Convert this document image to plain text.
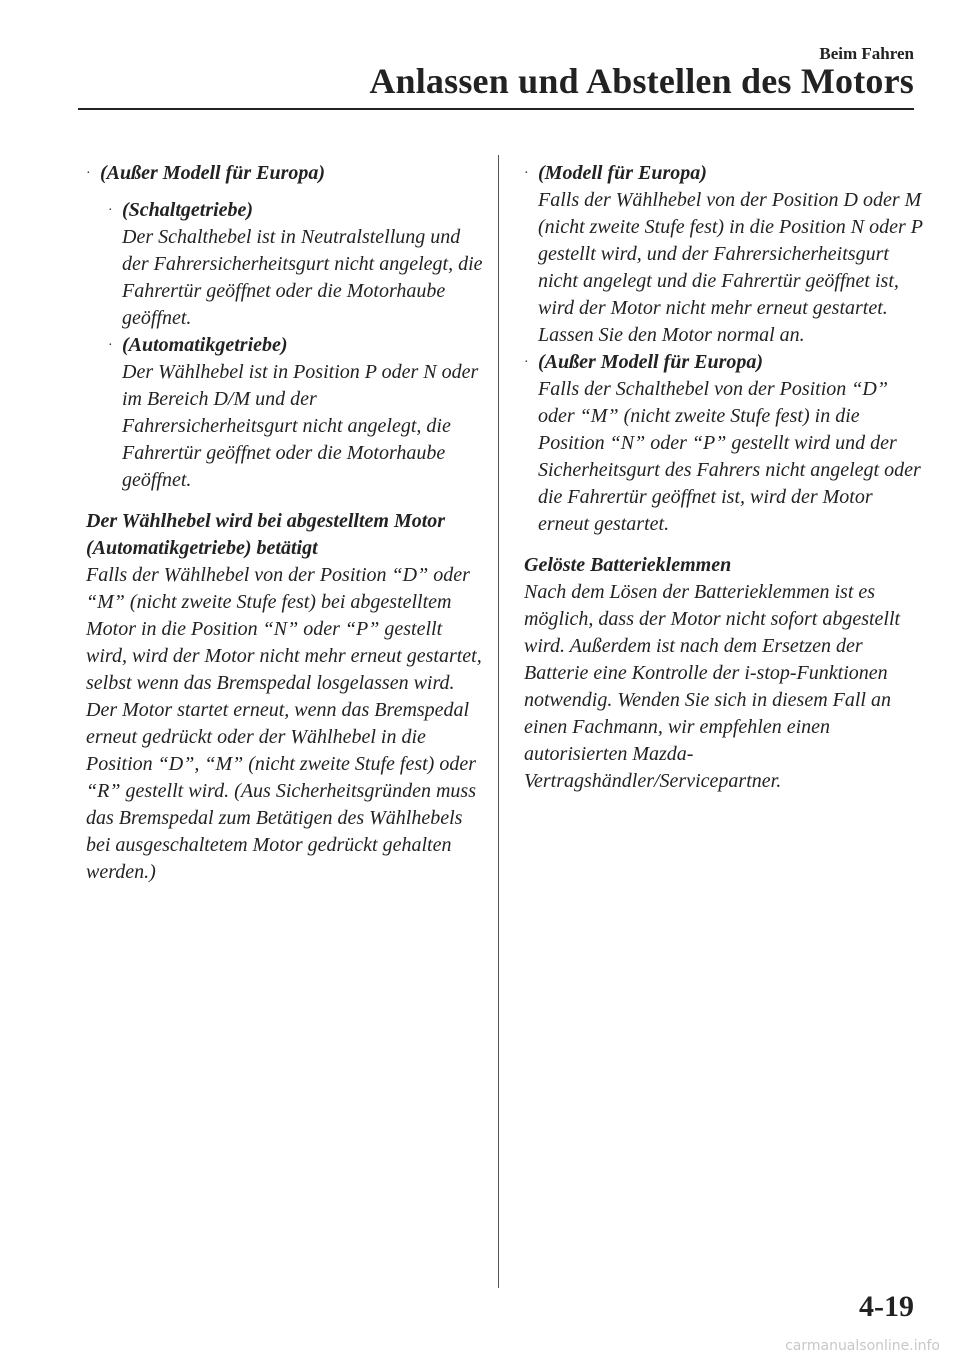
Beim Fahren
Anlassen und Abstellen des Motors
· (Außer Modell für Europa)
· (Schaltgetriebe)
Der Schalthebel ist in Neutralstellung und der Fahrersicherheitsgurt nicht angelegt, die Fahrertür geöffnet oder die Motorhaube geöffnet.
· (Automatikgetriebe)
Der Wählhebel ist in Position P oder N oder im Bereich D/M und der Fahrersicherheitsgurt nicht angelegt, die Fahrertür geöffnet oder die Motorhaube geöffnet.
Der Wählhebel wird bei abgestelltem Motor (Automatikgetriebe) betätigt
Falls der Wählhebel von der Position “D” oder “M” (nicht zweite Stufe fest) bei abgestelltem Motor in die Position “N” oder “P” gestellt wird, wird der Motor nicht mehr erneut gestartet, selbst wenn das Bremspedal losgelassen wird. Der Motor startet erneut, wenn das Bremspedal erneut gedrückt oder der Wählhebel in die Position “D”, “M” (nicht zweite Stufe fest) oder “R” gestellt wird. (Aus Sicherheitsgründen muss das Bremspedal zum Betätigen des Wählhebels bei ausgeschaltetem Motor gedrückt gehalten werden.)
· (Modell für Europa)
Falls der Wählhebel von der Position D oder M (nicht zweite Stufe fest) in die Position N oder P gestellt wird, und der Fahrersicherheitsgurt nicht angelegt und die Fahrertür geöffnet ist, wird der Motor nicht mehr erneut gestartet. Lassen Sie den Motor normal an.
· (Außer Modell für Europa)
Falls der Schalthebel von der Position “D” oder “M” (nicht zweite Stufe fest) in die Position “N” oder “P” gestellt wird und der Sicherheitsgurt des Fahrers nicht angelegt oder die Fahrertür geöffnet ist, wird der Motor erneut gestartet.
Gelöste Batterieklemmen
Nach dem Lösen der Batterieklemmen ist es möglich, dass der Motor nicht sofort abgestellt wird. Außerdem ist nach dem Ersetzen der Batterie eine Kontrolle der i-stop-Funktionen notwendig. Wenden Sie sich in diesem Fall an einen Fachmann, wir empfehlen einen autorisierten Mazda-Vertragshändler/Servicepartner.
4-19
carmanualsonline.info
